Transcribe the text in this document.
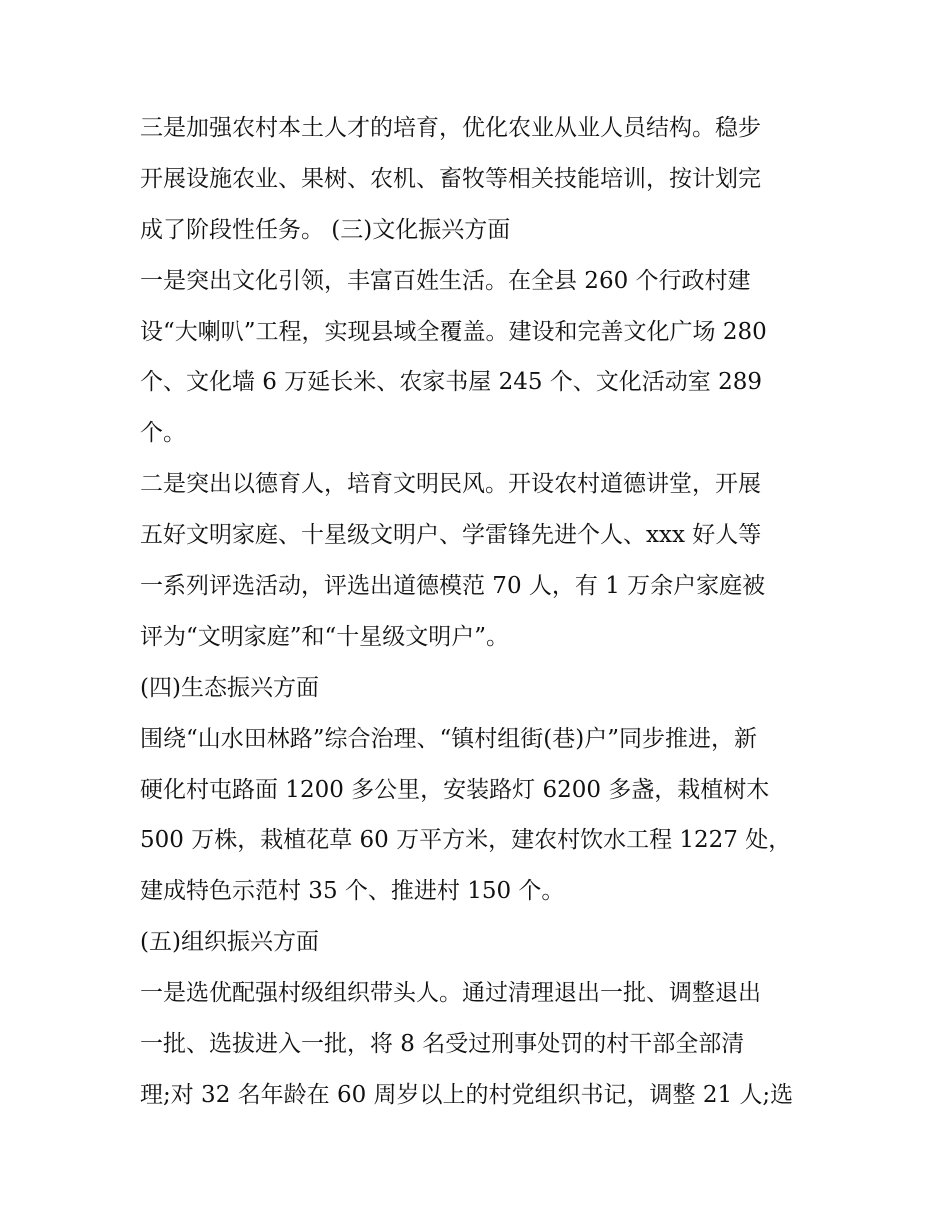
三是加强农村本土人才的培育，优化农业从业人员结构。稳步

开展设施农业、果树、农机、畜牧等相关技能培训，按计划完

成了阶段性任务。 (三)文化振兴方面

一是突出文化引领，丰富百姓生活。在全县 260 个行政村建

设“大喇叭”工程，实现县域全覆盖。建设和完善文化广场 280

个、文化墙 6 万延长米、农家书屋 245 个、文化活动室 289

个。

二是突出以德育人，培育文明民风。开设农村道德讲堂，开展

五好文明家庭、十星级文明户、学雷锋先进个人、xxx 好人等

一系列评选活动，评选出道德模范 70 人，有 1 万余户家庭被

评为“文明家庭”和“十星级文明户”。

(四)生态振兴方面

围绕“山水田林路”综合治理、“镇村组街(巷)户”同步推进，新

硬化村屯路面 1200 多公里，安装路灯 6200 多盏，栽植树木

500 万株，栽植花草 60 万平方米，建农村饮水工程 1227 处，

建成特色示范村 35 个、推进村 150 个。

(五)组织振兴方面

一是选优配强村级组织带头人。通过清理退出一批、调整退出

一批、选拔进入一批，将 8 名受过刑事处罚的村干部全部清

理;对 32 名年龄在 60 周岁以上的村党组织书记，调整 21 人;选
